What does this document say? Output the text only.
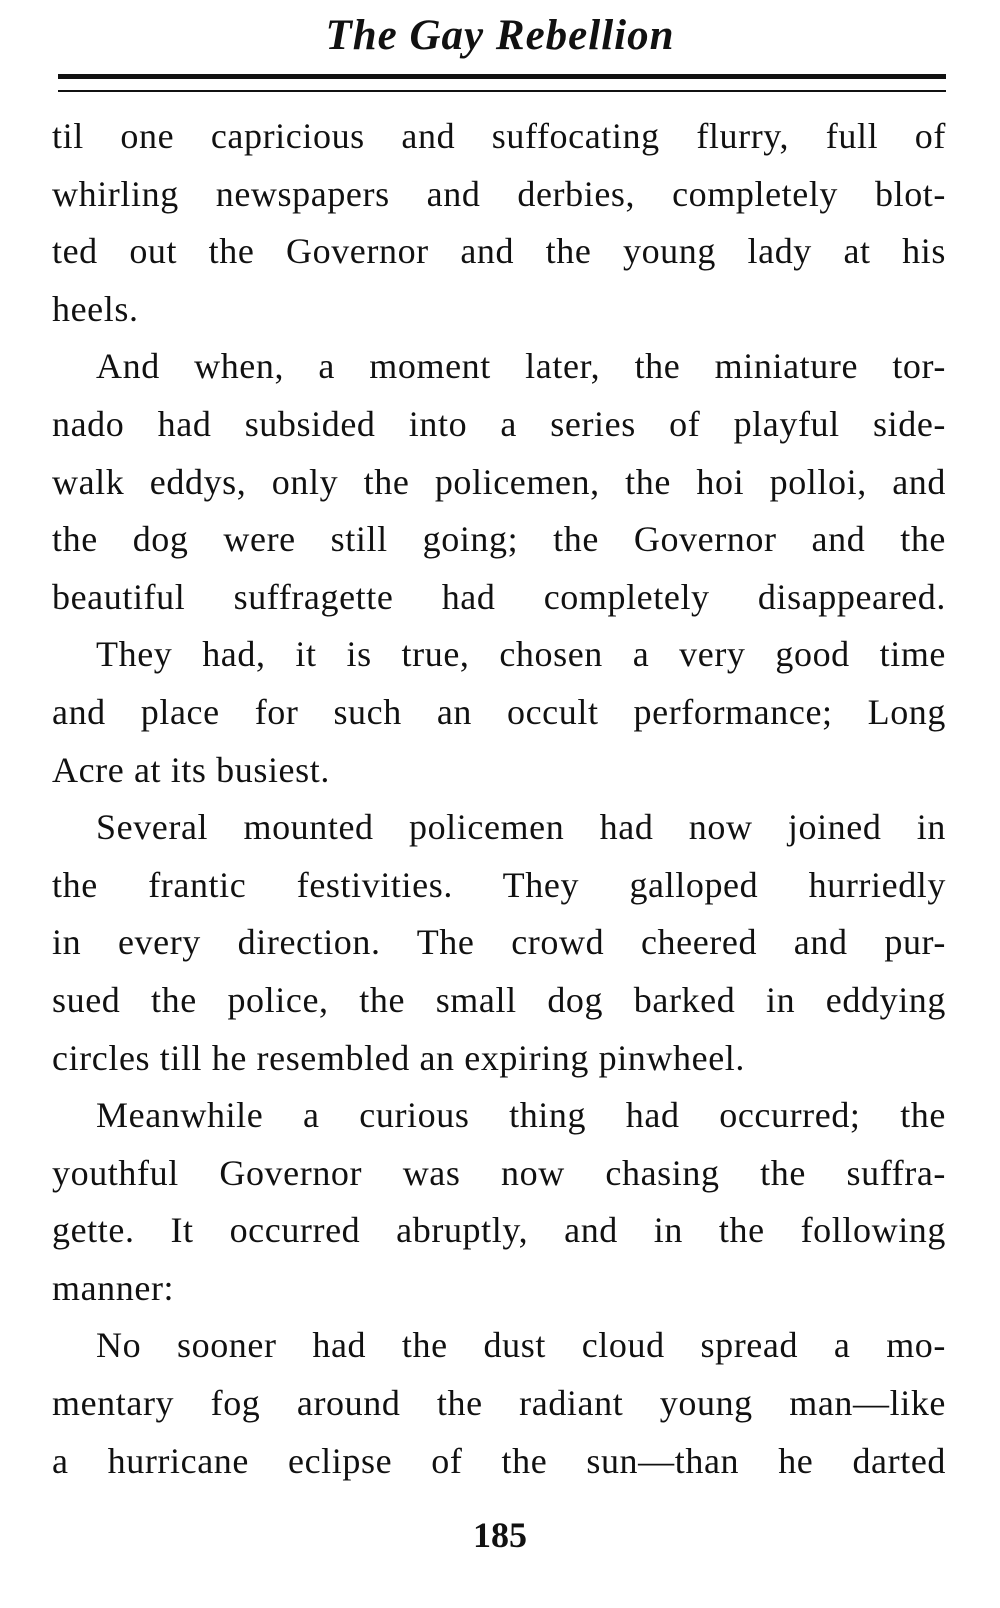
The Gay Rebellion
til one capricious and suffocating flurry, full of
whirling newspapers and derbies, completely blot-
ted out the Governor and the young lady at his
heels.
And when, a moment later, the miniature tor-
nado had subsided into a series of playful side-
walk eddys, only the policemen, the hoi polloi, and
the dog were still going; the Governor and the
beautiful suffragette had completely disappeared.
They had, it is true, chosen a very good time
and place for such an occult performance; Long
Acre at its busiest.
Several mounted policemen had now joined in
the frantic festivities. They galloped hurriedly
in every direction. The crowd cheered and pur-
sued the police, the small dog barked in eddying
circles till he resembled an expiring pinwheel.
Meanwhile a curious thing had occurred; the
youthful Governor was now chasing the suffra-
gette. It occurred abruptly, and in the following
manner:
No sooner had the dust cloud spread a mo-
mentary fog around the radiant young man—like
a hurricane eclipse of the sun—than he darted
185
